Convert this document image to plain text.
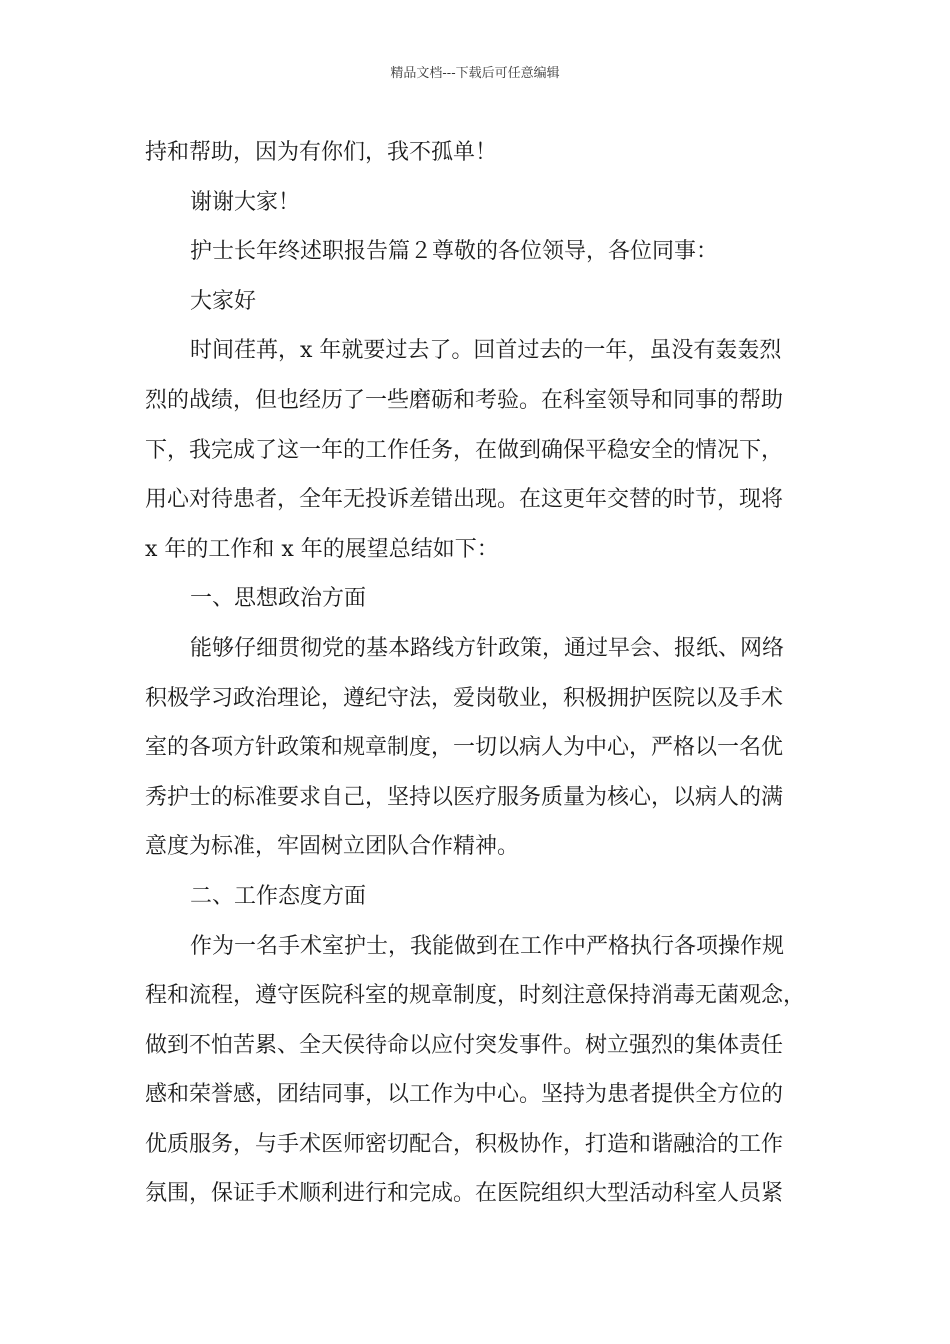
精品文档---下载后可任意编辑
持和帮助，因为有你们，我不孤单！
谢谢大家！
护士长年终述职报告篇２尊敬的各位领导，各位同事：
大家好
时间荏苒，x 年就要过去了。回首过去的一年，虽没有轰轰烈
烈的战绩，但也经历了一些磨砺和考验。在科室领导和同事的帮助
下，我完成了这一年的工作任务，在做到确保平稳安全的情况下，
用心对待患者，全年无投诉差错出现。在这更年交替的时节，现将
x 年的工作和 x 年的展望总结如下：
一、思想政治方面
能够仔细贯彻党的基本路线方针政策，通过早会、报纸、网络
积极学习政治理论，遵纪守法，爱岗敬业，积极拥护医院以及手术
室的各项方针政策和规章制度，一切以病人为中心，严格以一名优
秀护士的标准要求自己，坚持以医疗服务质量为核心，以病人的满
意度为标准，牢固树立团队合作精神。
二、工作态度方面
作为一名手术室护士，我能做到在工作中严格执行各项操作规
程和流程，遵守医院科室的规章制度，时刻注意保持消毒无菌观念，
做到不怕苦累、全天侯待命以应付突发事件。树立强烈的集体责任
感和荣誉感，团结同事，以工作为中心。坚持为患者提供全方位的
优质服务，与手术医师密切配合，积极协作，打造和谐融洽的工作
氛围，保证手术顺利进行和完成。在医院组织大型活动科室人员紧
